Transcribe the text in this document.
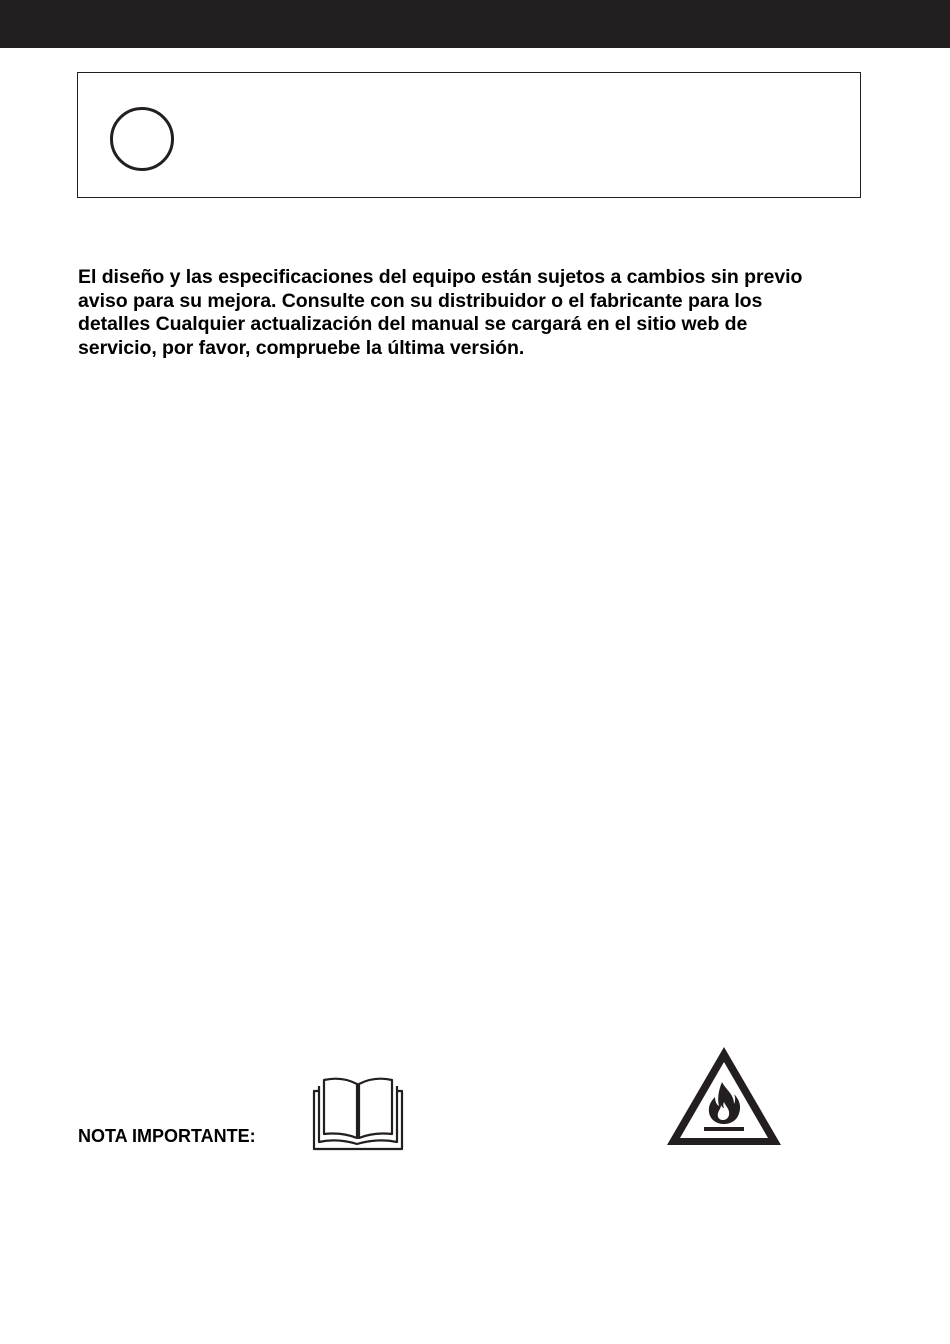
El diseño y las especificaciones del equipo están sujetos a cambios sin previo
aviso para su mejora. Consulte con su distribuidor o el fabricante para los
detalles Cualquier actualización del manual se cargará en el sitio web de
servicio, por favor, compruebe la última versión.

NOTA IMPORTANTE:
